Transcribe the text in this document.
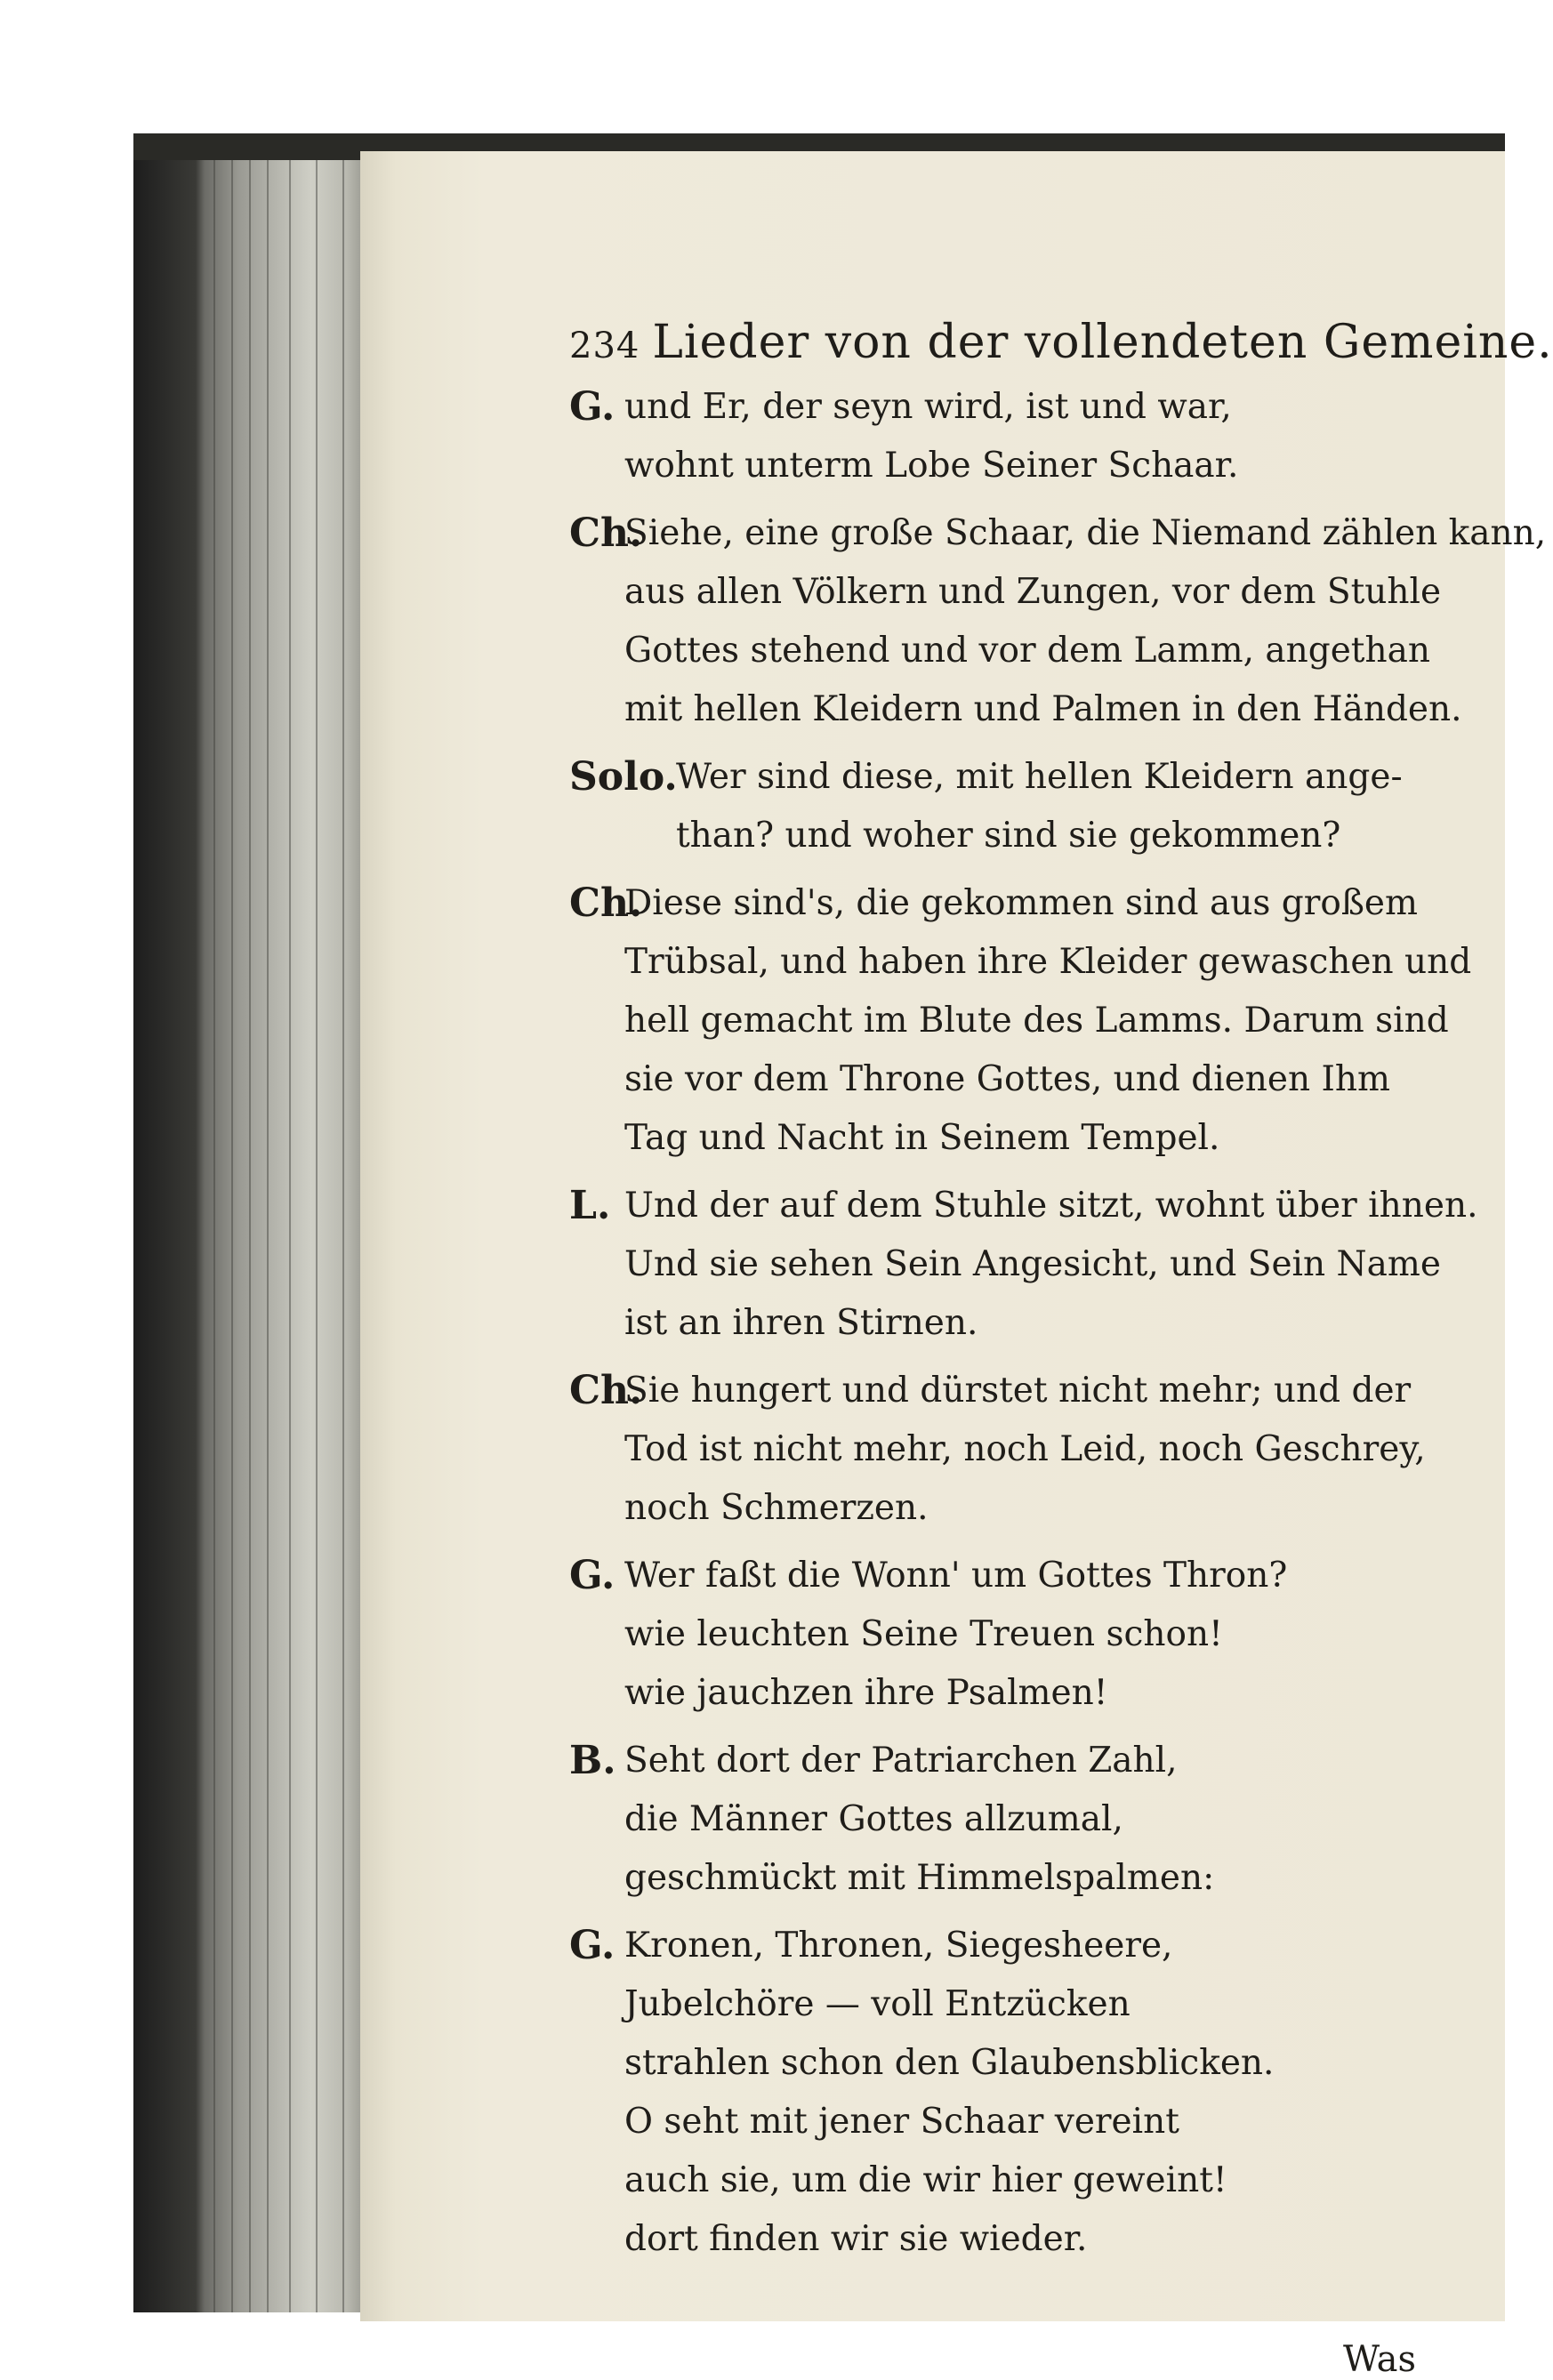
234 Lieder von der vollendeten Gemeine.
G. und Er, der seyn wird, ist und war,
wohnt unterm Lobe Seiner Schaar.
Ch.
Siehe, eine große Schaar, die Niemand zählen kann,
aus allen Völkern und Zungen, vor dem Stuhle
Gottes stehend und vor dem Lamm, angethan
mit hellen Kleidern und Palmen in den Händen.
Solo.
Wer sind diese, mit hellen Kleidern ange-
than? und woher sind sie gekommen?
Ch.
Diese sind's, die gekommen sind aus großem
Trübsal, und haben ihre Kleider gewaschen und
hell gemacht im Blute des Lamms. Darum sind
sie vor dem Throne Gottes, und dienen Ihm
Tag und Nacht in Seinem Tempel.
L. Und der auf dem Stuhle sitzt, wohnt über ihnen.
Und sie sehen Sein Angesicht, und Sein Name
ist an ihren Stirnen.
Ch.
Sie hungert und dürstet nicht mehr; und der
Tod ist nicht mehr, noch Leid, noch Geschrey,
noch Schmerzen.
G. Wer faßt die Wonn' um Gottes Thron?
wie leuchten Seine Treuen schon!
wie jauchzen ihre Psalmen!
B. Seht dort der Patriarchen Zahl,
die Männer Gottes allzumal,
geschmückt mit Himmelspalmen:
G. Kronen, Thronen, Siegesheere,
Jubelchöre — voll Entzücken
strahlen schon den Glaubensblicken.
O seht mit jener Schaar vereint
auch sie, um die wir hier geweint!
dort finden wir sie wieder.
Was
